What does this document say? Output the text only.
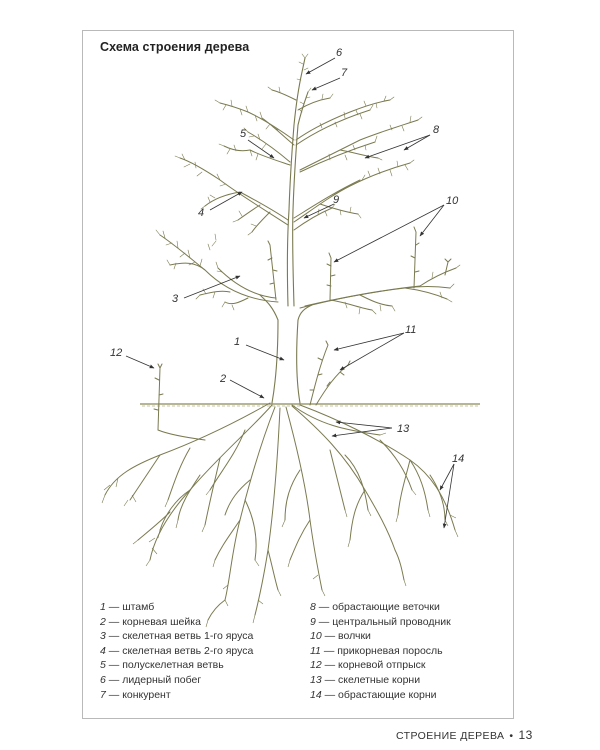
Схема строения дерева
1
2
3
4
5
6
7
8
9	10
11
12
13
14
1 — штамб
2 — корневая шейка
3 — скелетная ветвь 1-го яруса
4 — скелетная ветвь 2-го яруса
5 — полускелетная ветвь
6 — лидерный побег
7 — конкурент
8 — обрастающие веточки
9 — центральный проводник
10 — волчки
11 — прикорневая поросль
12 — корневой отпрыск
13 — скелетные корни
14 — обрастающие корни
СТРОЕНИЕ ДЕРЕВА • 13
